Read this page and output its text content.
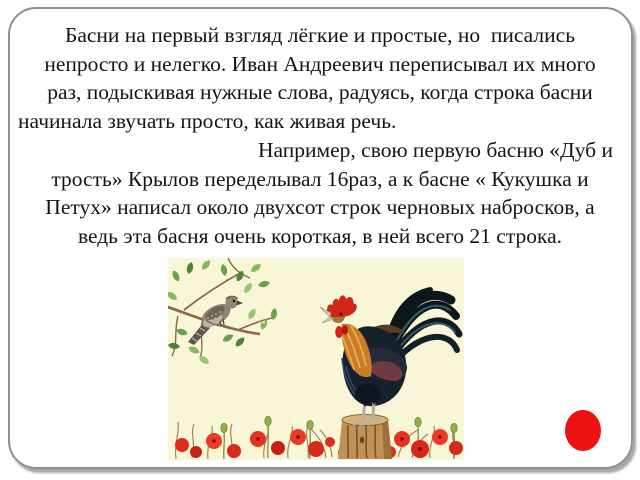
Басни на первый взгляд лёгкие и простые, но  писались

непросто и нелегко. Иван Андреевич переписывал их много

раз, подыскивая нужные слова, радуясь, когда строка басни

начинала звучать просто, как живая речь.

Например, свою первую басню «Дуб и

трость» Крылов переделывал 16раз, а к басне « Кукушка и

Петух» написал около двухсот строк черновых набросков, а

ведь эта басня очень короткая, в ней всего 21 строка.
